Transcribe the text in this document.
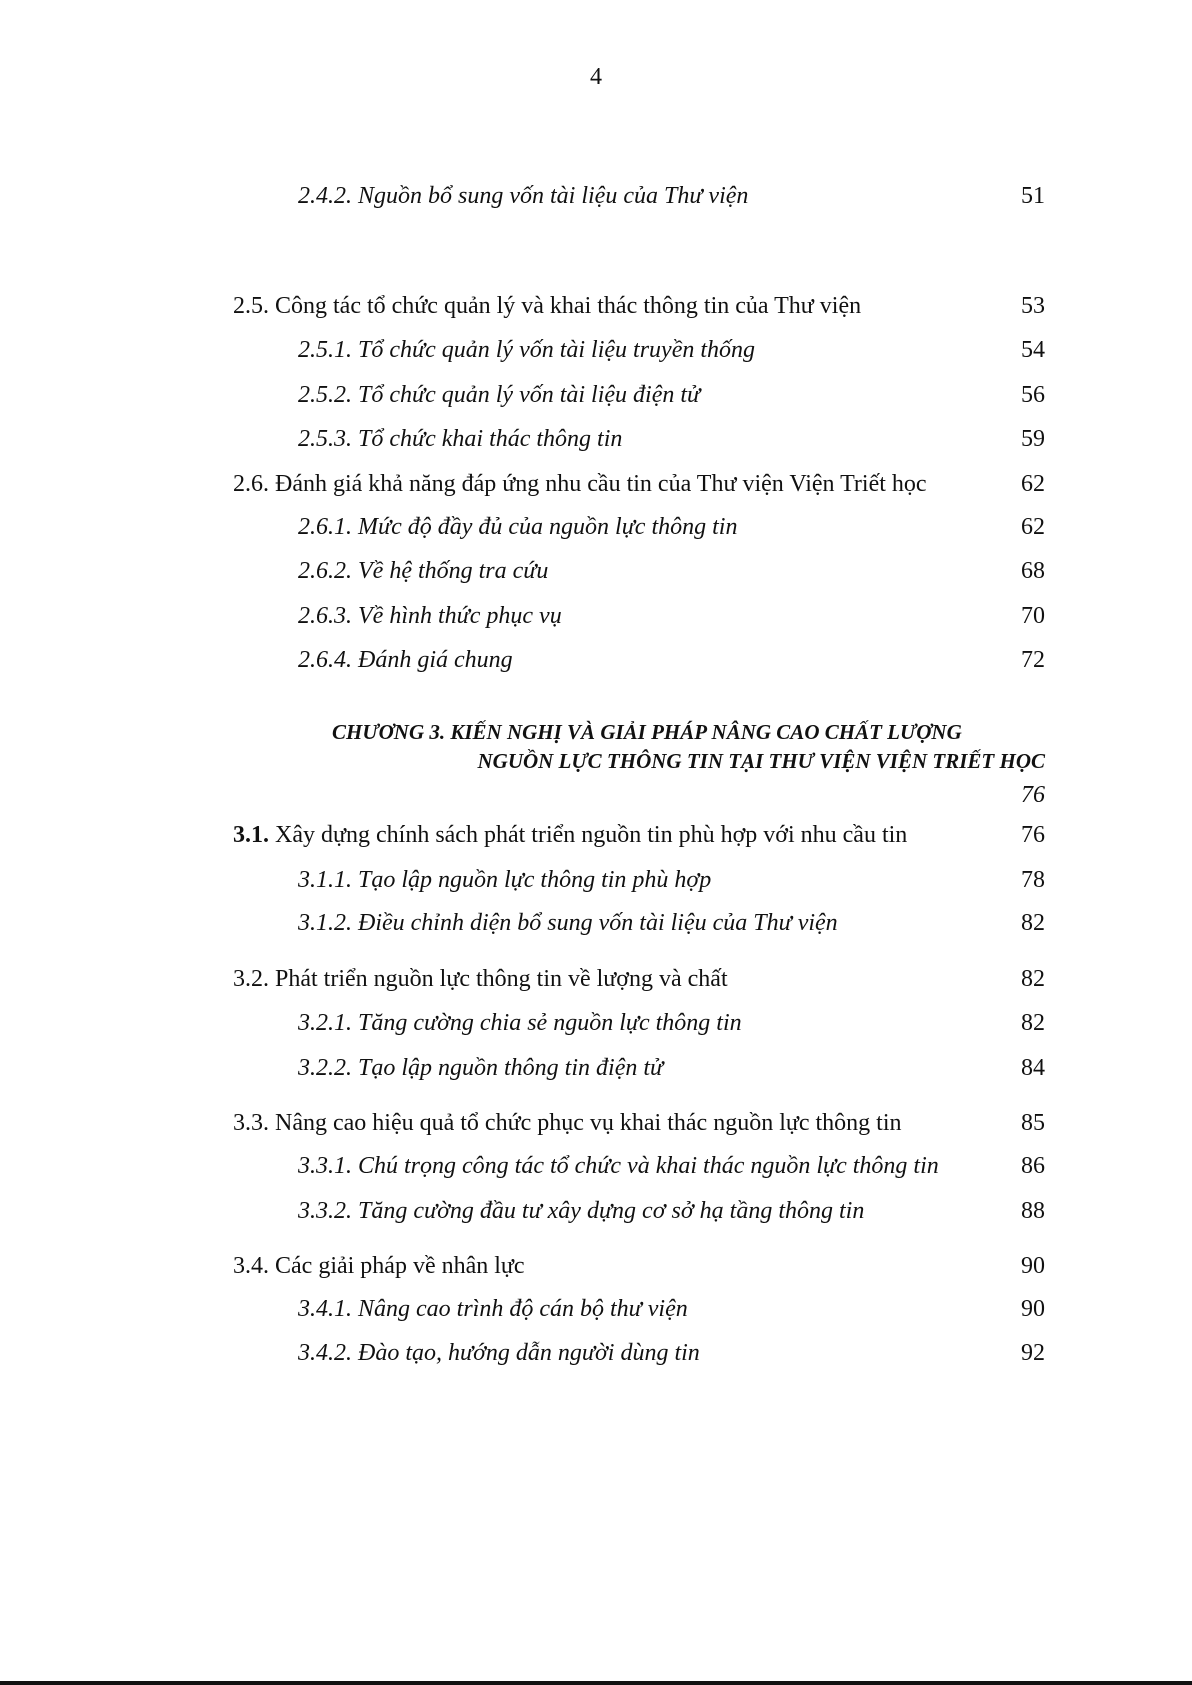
4
2.4.2. Nguồn bổ sung vốn tài liệu của Thư viện	51
2.5. Công tác tổ chức quản lý và khai thác thông tin của Thư viện	53
2.5.1. Tổ chức quản lý vốn tài liệu truyền thống	54
2.5.2. Tổ chức quản lý vốn tài liệu điện tử	56
2.5.3. Tổ chức khai thác thông tin	59
2.6. Đánh giá khả năng đáp ứng nhu cầu tin của Thư viện Viện Triết học	62
2.6.1. Mức độ đầy đủ của nguồn lực thông tin	62
2.6.2. Về hệ thống tra cứu	68
2.6.3. Về hình thức phục vụ	70
2.6.4. Đánh giá chung	72
CHƯƠNG 3. KIẾN NGHỊ VÀ GIẢI PHÁP NÂNG CAO CHẤT LƯỢNG
NGUỒN LỰC THÔNG TIN TẠI THƯ VIỆN VIỆN TRIẾT HỌC
76
3.1. Xây dựng chính sách phát triển nguồn tin phù hợp với nhu cầu tin	76
3.1.1. Tạo lập nguồn lực thông tin phù hợp	78
3.1.2. Điều chỉnh diện bổ sung vốn tài liệu của Thư viện	82
3.2. Phát triển nguồn lực thông tin về lượng và chất	82
3.2.1. Tăng cường chia sẻ nguồn lực thông tin	82
3.2.2. Tạo lập nguồn thông tin điện tử	84
3.3. Nâng cao hiệu quả tổ chức phục vụ khai thác nguồn lực thông tin	85
3.3.1. Chú trọng công tác tổ chức và khai thác nguồn lực thông tin	86
3.3.2. Tăng cường đầu tư xây dựng cơ sở hạ tầng thông tin	88
3.4. Các giải pháp về nhân lực	90
3.4.1. Nâng cao trình độ cán bộ thư viện	90
3.4.2. Đào tạo, hướng dẫn người dùng tin	92
